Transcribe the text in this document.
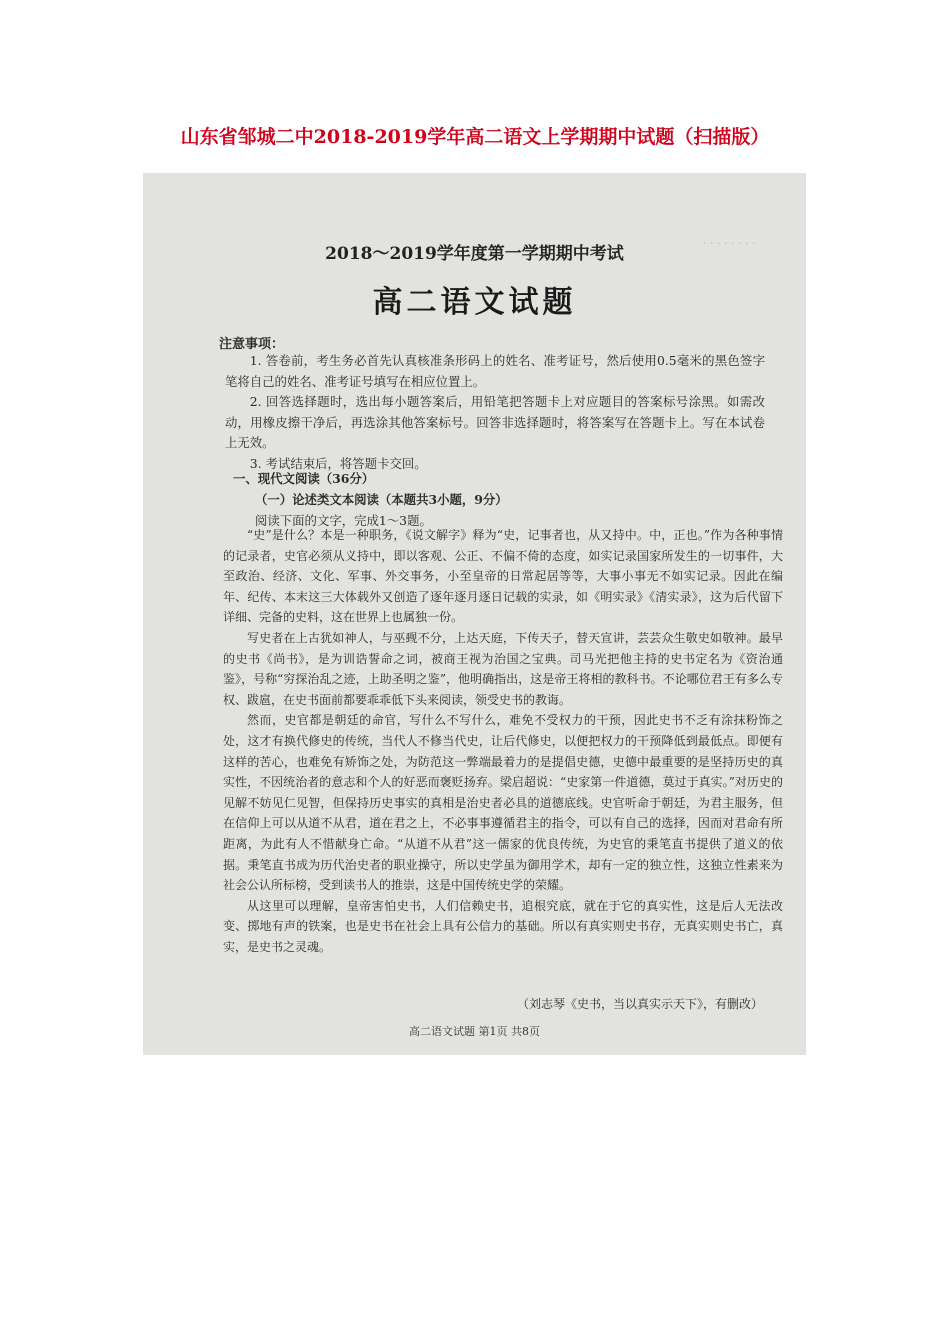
山东省邹城二中2018-2019学年高二语文上学期期中试题（扫描版）
· · · · · · · ·
2018～2019学年度第一学期期中考试
高二语文试题
注意事项：

1. 答卷前，考生务必首先认真核准条形码上的姓名、准考证号，然后使用0.5毫米的黑色签字笔将自己的姓名、准考证号填写在相应位置上。

2. 回答选择题时，选出每小题答案后，用铅笔把答题卡上对应题目的答案标号涂黑。如需改动，用橡皮擦干净后，再选涂其他答案标号。回答非选择题时，将答案写在答题卡上。写在本试卷上无效。

3. 考试结束后，将答题卡交回。

一、现代文阅读（36分）
（一）论述类文本阅读（本题共3小题，9分）
阅读下面的文字，完成1～3题。

“史”是什么？本是一种职务，《说文解字》释为“史，记事者也，从又持中。中，正也。”作为各种事情的记录者，史官必须从义持中，即以客观、公正、不偏不倚的态度，如实记录国家所发生的一切事件，大至政治、经济、文化、军事、外交事务，小至皇帝的日常起居等等，大事小事无不如实记录。因此在编年、纪传、本末这三大体载外又创造了逐年逐月逐日记载的实录，如《明实录》《清实录》，这为后代留下详细、完备的史料，这在世界上也属独一份。

写史者在上古犹如神人，与巫觋不分，上达天庭，下传天子，替天宣讲，芸芸众生敬史如敬神。最早的史书《尚书》，是为训诰誓命之词，被商王视为治国之宝典。司马光把他主持的史书定名为《资治通鉴》，号称“穷探治乱之迹，上助圣明之鉴”，他明确指出，这是帝王将相的教科书。不论哪位君王有多么专权、跋扈，在史书面前都要乖乖低下头来阅读，领受史书的教诲。

然而，史官都是朝廷的命官，写什么不写什么，难免不受权力的干预，因此史书不乏有涂抹粉饰之处，这才有换代修史的传统，当代人不修当代史，让后代修史，以便把权力的干预降低到最低点。即便有这样的苦心，也难免有矫饰之处，为防范这一弊端最着力的是提倡史德，史德中最重要的是坚持历史的真实性，不因统治者的意志和个人的好恶而褒贬扬弃。梁启超说：“史家第一件道德，莫过于真实。”对历史的见解不妨见仁见智，但保持历史事实的真相是治史者必具的道德底线。史官听命于朝廷，为君主服务，但在信仰上可以从道不从君，道在君之上，不必事事遵循君主的指令，可以有自己的选择，因而对君命有所距离，为此有人不惜献身亡命。“从道不从君”这一儒家的优良传统，为史官的秉笔直书提供了道义的依据。秉笔直书成为历代治史者的职业操守，所以史学虽为御用学术，却有一定的独立性，这独立性素来为社会公认所标榜，受到读书人的推崇，这是中国传统史学的荣耀。

从这里可以理解，皇帝害怕史书，人们信赖史书，追根究底，就在于它的真实性，这是后人无法改变、掷地有声的铁案，也是史书在社会上具有公信力的基础。所以有真实则史书存，无真实则史书亡，真实，是史书之灵魂。

（刘志琴《史书，当以真实示天下》，有删改）
高二语文试题 第1页 共8页
